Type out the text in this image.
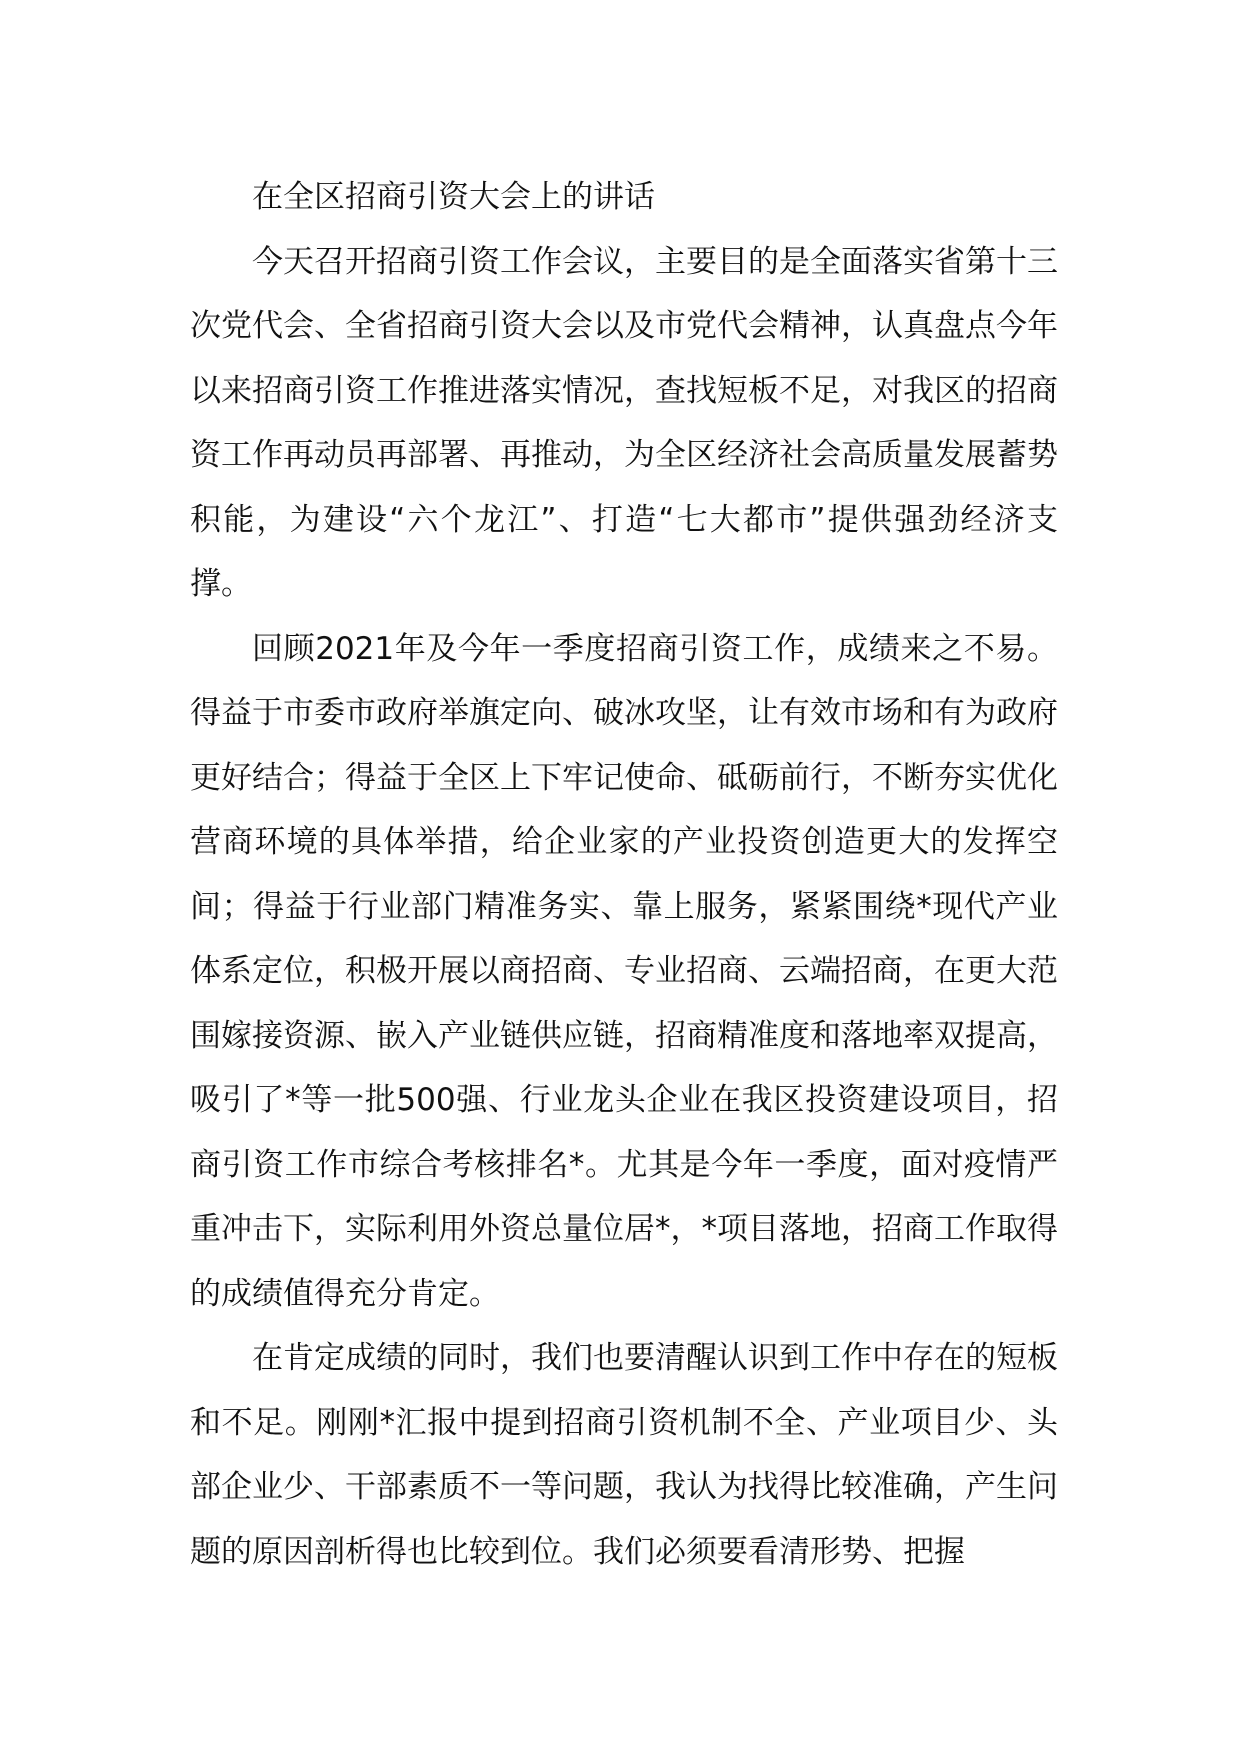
在全区招商引资大会上的讲话

今天召开招商引资工作会议，主要目的是全面落实省第十三次党代会、全省招商引资大会以及市党代会精神，认真盘点今年以来招商引资工作推进落实情况，查找短板不足，对我区的招商资工作再动员再部署、再推动，为全区经济社会高质量发展蓄势积能，为建设“六个龙江”、打造“七大都市”提供强劲经济支撑。

回顾2021年及今年一季度招商引资工作，成绩来之不易。得益于市委市政府举旗定向、破冰攻坚，让有效市场和有为政府更好结合；得益于全区上下牢记使命、砥砺前行，不断夯实优化营商环境的具体举措，给企业家的产业投资创造更大的发挥空间；得益于行业部门精准务实、靠上服务，紧紧围绕*现代产业体系定位，积极开展以商招商、专业招商、云端招商，在更大范围嫁接资源、嵌入产业链供应链，招商精准度和落地率双提高，吸引了*等一批500强、行业龙头企业在我区投资建设项目，招商引资工作市综合考核排名*。尤其是今年一季度，面对疫情严重冲击下，实际利用外资总量位居*，*项目落地，招商工作取得的成绩值得充分肯定。

在肯定成绩的同时，我们也要清醒认识到工作中存在的短板和不足。刚刚*汇报中提到招商引资机制不全、产业项目少、头部企业少、干部素质不一等问题，我认为找得比较准确，产生问题的原因剖析得也比较到位。我们必须要看清形势、把握
